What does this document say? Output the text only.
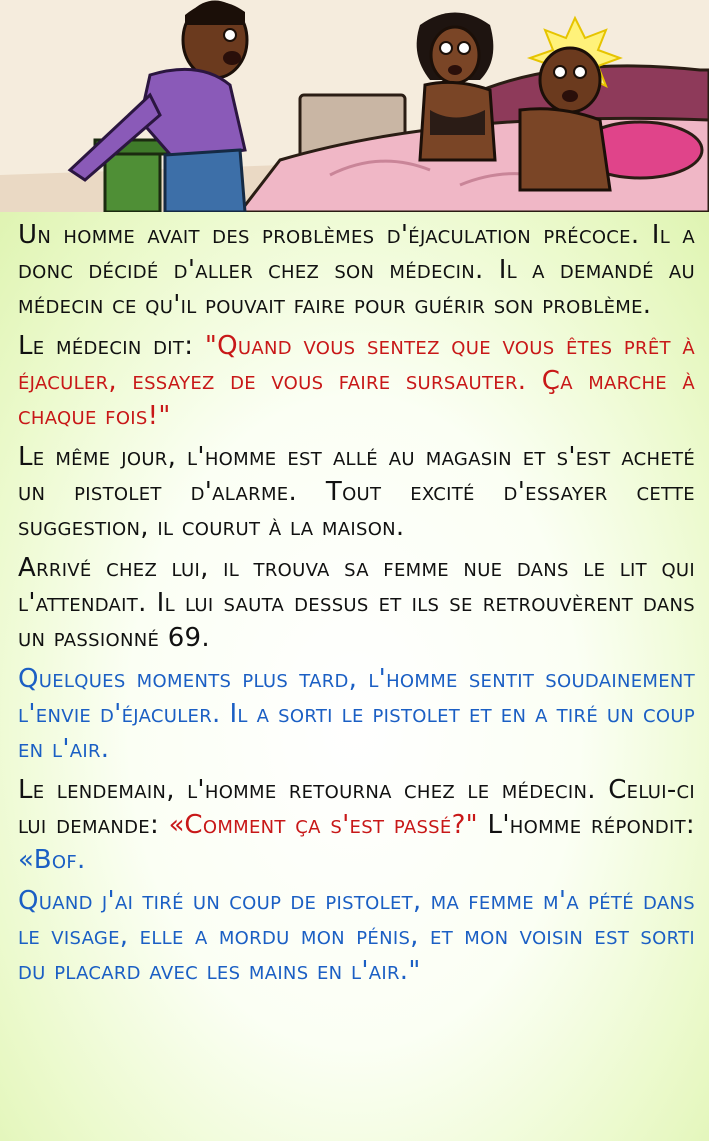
Un homme avait des problèmes d'éjaculation précoce. Il a donc décidé d'aller chez son médecin. Il a demandé au médecin ce qu'il pouvait faire pour guérir son problème.

Le médecin dit: "Quand vous sentez que vous êtes prêt à éjaculer, essayez de vous faire sursauter. Ça marche à chaque fois!"

Le même jour, l'homme est allé au magasin et s'est acheté un pistolet d'alarme. Tout excité d'essayer cette suggestion, il courut à la maison.

Arrivé chez lui, il trouva sa femme nue dans le lit qui l'attendait. Il lui sauta dessus et ils se retrouvèrent dans un passionné 69.

Quelques moments plus tard, l'homme sentit soudainement l'envie d'éjaculer. Il a sorti le pistolet et en a tiré un coup en l'air.

Le lendemain, l'homme retourna chez le médecin. Celui-ci lui demande: «Comment ça s'est passé?" L'homme répondit: «Bof.

Quand j'ai tiré un coup de pistolet, ma femme m'a pété dans le visage, elle a mordu mon pénis, et mon voisin est sorti du placard avec les mains en l'air."
